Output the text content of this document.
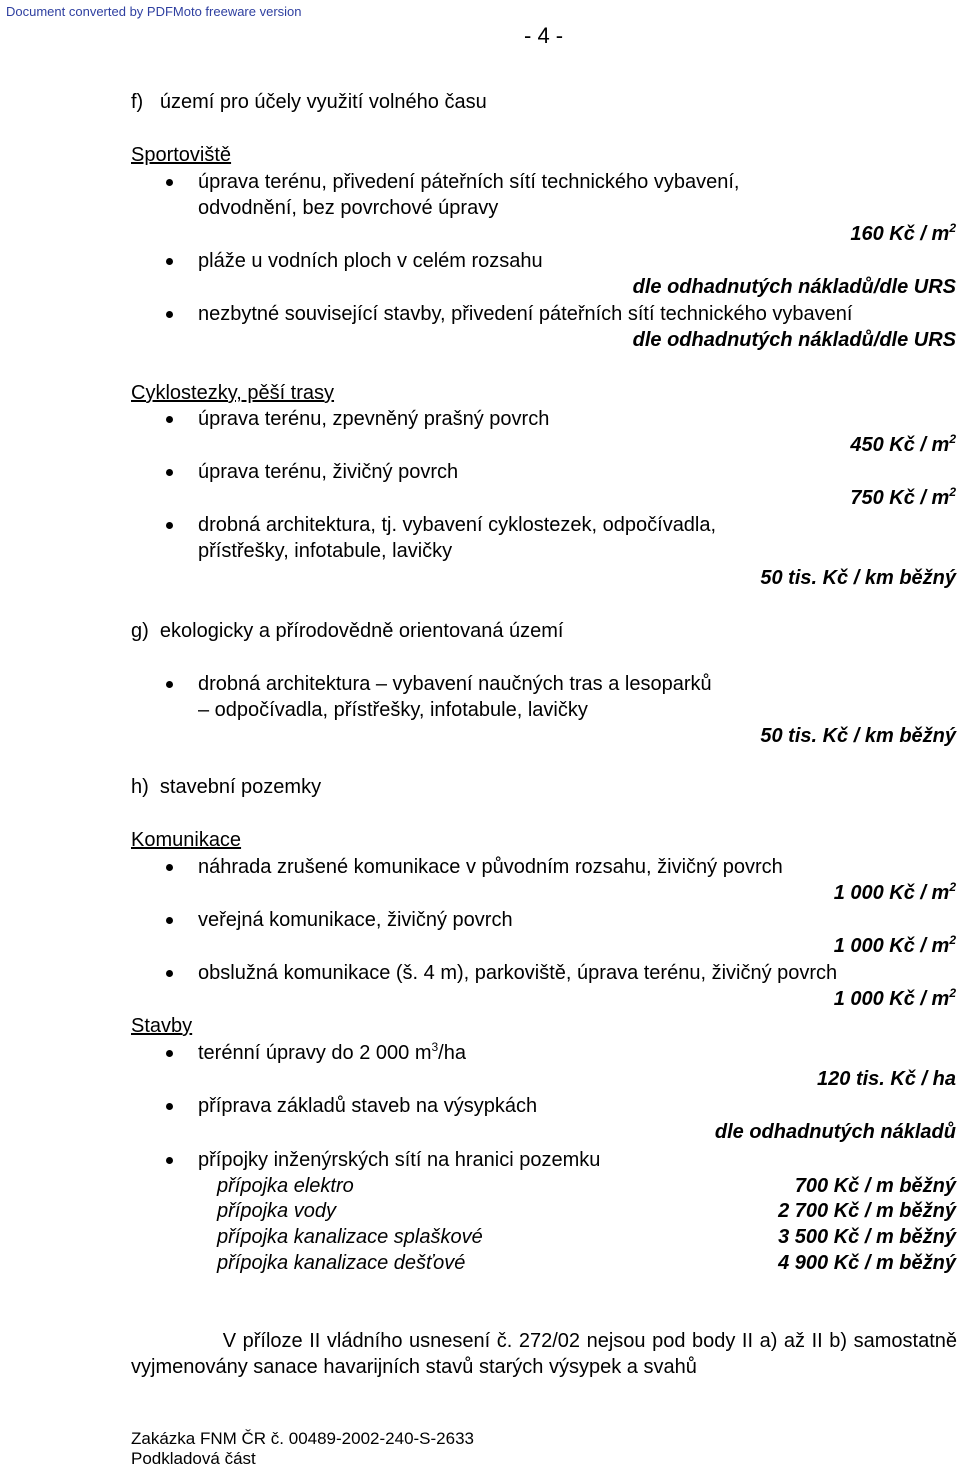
Document converted by PDFMoto freeware version
- 4 -
f)   území pro účely využití volného času
Sportoviště
úprava terénu, přivedení páteřních sítí technického vybavení,
odvodnění, bez povrchové úpravy
160 Kč / $m^2$
pláže u vodních ploch v celém rozsahu
dle odhadnutých nákladů/dle URS
nezbytné související stavby, přivedení páteřních sítí technického vybavení
dle odhadnutých nákladů/dle URS
Cyklostezky, pěší trasy
úprava terénu, zpevněný prašný povrch
450 Kč / $m^2$
úprava terénu, živičný povrch
750 Kč / $m^2$
drobná architektura, tj. vybavení cyklostezek, odpočívadla,
přístřešky, infotabule, lavičky
50 tis. Kč / km běžný
g)  ekologicky a přírodovědně orientovaná území
drobná architektura – vybavení naučných tras a lesoparků
– odpočívadla, přístřešky, infotabule, lavičky
50 tis. Kč / km běžný
h)  stavební pozemky
Komunikace
náhrada zrušené komunikace v původním rozsahu, živičný povrch
1 000 Kč / $m^2$
veřejná komunikace, živičný povrch
1 000 Kč / $m^2$
obslužná komunikace (š. 4 m), parkoviště, úprava terénu, živičný povrch
1 000 Kč / $m^2$
Stavby
terénní úpravy do 2 000 $m^3/ha$
120 tis. Kč / ha
příprava základů staveb na výsypkách
dle odhadnutých nákladů
přípojky inženýrských sítí na hranici pozemku
přípojka elektro	700 Kč / m běžný
přípojka vody	2 700 Kč / m běžný
přípojka kanalizace splaškové	3 500 Kč / m běžný
přípojka kanalizace dešťové	4 900 Kč / m běžný
V příloze II vládního usnesení č. 272/02 nejsou pod body II a) až II b) samostatně vyjmenovány sanace havarijních stavů starých výsypek a svahů
Zakázka FNM ČR č. 00489-2002-240-S-2633
Podkladová část
